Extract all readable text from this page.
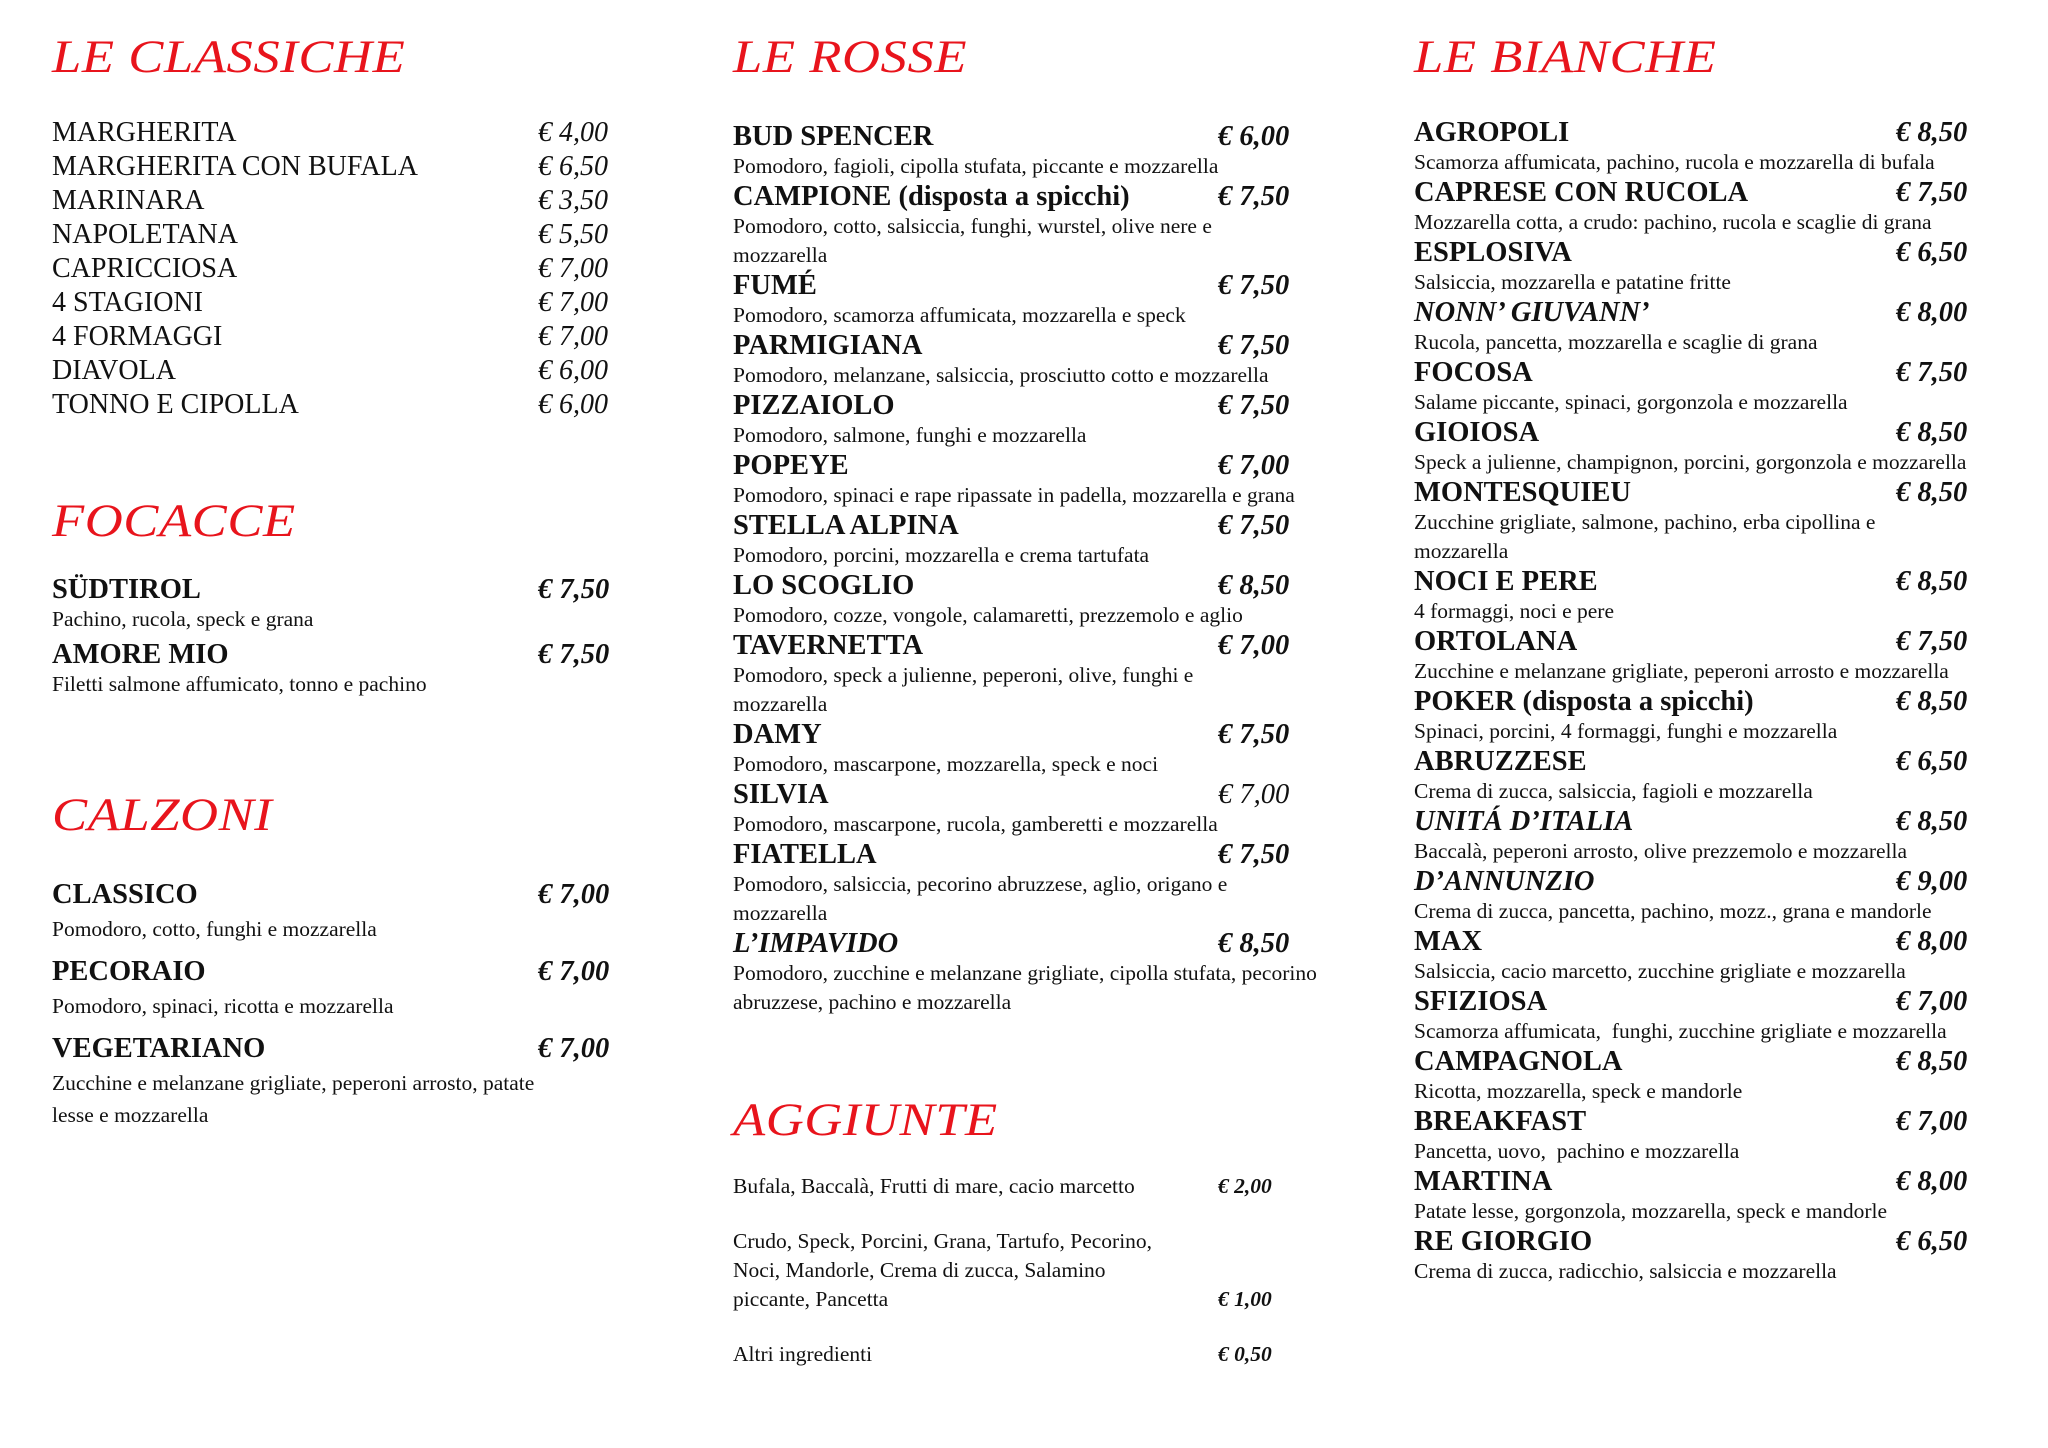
LE CLASSICHE
MARGHERITA	€ 4,00
MARGHERITA CON BUFALA	€ 6,50
MARINARA	€ 3,50
NAPOLETANA	€ 5,50
CAPRICCIOSA	€ 7,00
4 STAGIONI	€ 7,00
4 FORMAGGI	€ 7,00
DIAVOLA	€ 6,00
TONNO E CIPOLLA	€ 6,00
FOCACCE
SÜDTIROL	€ 7,50
Pachino, rucola, speck e grana
AMORE MIO	€ 7,50
Filetti salmone affumicato, tonno e pachino
CALZONI
CLASSICO	€ 7,00
Pomodoro, cotto, funghi e mozzarella
PECORAIO	€ 7,00
Pomodoro, spinaci, ricotta e mozzarella
VEGETARIANO	€ 7,00
Zucchine e melanzane grigliate, peperoni arrosto, patate lesse e mozzarella
LE ROSSE
BUD SPENCER	€ 6,00
Pomodoro, fagioli, cipolla stufata, piccante e mozzarella
CAMPIONE (disposta a spicchi)	€ 7,50
Pomodoro, cotto, salsiccia, funghi, wurstel, olive nere e mozzarella
FUMÉ	€ 7,50
Pomodoro, scamorza affumicata, mozzarella e speck
PARMIGIANA	€ 7,50
Pomodoro, melanzane, salsiccia, prosciutto cotto e mozzarella
PIZZAIOLO	€ 7,50
Pomodoro, salmone, funghi e mozzarella
POPEYE	€ 7,00
Pomodoro, spinaci e rape ripassate in padella, mozzarella e grana
STELLA ALPINA	€ 7,50
Pomodoro, porcini, mozzarella e crema tartufata
LO SCOGLIO	€ 8,50
Pomodoro, cozze, vongole, calamaretti, prezzemolo e aglio
TAVERNETTA	€ 7,00
Pomodoro, speck a julienne, peperoni, olive, funghi e mozzarella
DAMY	€ 7,50
Pomodoro, mascarpone, mozzarella, speck e noci
SILVIA	€ 7,00
Pomodoro, mascarpone, rucola, gamberetti e mozzarella
FIATELLA	€ 7,50
Pomodoro, salsiccia, pecorino abruzzese, aglio, origano e mozzarella
L’IMPAVIDO	€ 8,50
Pomodoro, zucchine e melanzane grigliate, cipolla stufata, pecorino abruzzese, pachino e mozzarella
AGGIUNTE
Bufala, Baccalà, Frutti di mare, cacio marcetto	€ 2,00
Crudo, Speck, Porcini, Grana, Tartufo, Pecorino, Noci, Mandorle, Crema di zucca, Salamino piccante, Pancetta	€ 1,00
Altri ingredienti	€ 0,50
LE BIANCHE
AGROPOLI	€ 8,50
Scamorza affumicata, pachino, rucola e mozzarella di bufala
CAPRESE CON RUCOLA	€ 7,50
Mozzarella cotta, a crudo: pachino, rucola e scaglie di grana
ESPLOSIVA	€ 6,50
Salsiccia, mozzarella e patatine fritte
NONN’ GIUVANN’	€ 8,00
Rucola, pancetta, mozzarella e scaglie di grana
FOCOSA	€ 7,50
Salame piccante, spinaci, gorgonzola e mozzarella
GIOIOSA	€ 8,50
Speck a julienne, champignon, porcini, gorgonzola e mozzarella
MONTESQUIEU	€ 8,50
Zucchine grigliate, salmone, pachino, erba cipollina e mozzarella
NOCI E PERE	€ 8,50
4 formaggi, noci e pere
ORTOLANA	€ 7,50
Zucchine e melanzane grigliate, peperoni arrosto e mozzarella
POKER (disposta a spicchi)	€ 8,50
Spinaci, porcini, 4 formaggi, funghi e mozzarella
ABRUZZESE	€ 6,50
Crema di zucca, salsiccia, fagioli e mozzarella
UNITÁ D’ITALIA	€ 8,50
Baccalà, peperoni arrosto, olive prezzemolo e mozzarella
D’ANNUNZIO	€ 9,00
Crema di zucca, pancetta, pachino, mozz., grana e mandorle
MAX	€ 8,00
Salsiccia, cacio marcetto, zucchine grigliate e mozzarella
SFIZIOSA	€ 7,00
Scamorza affumicata,  funghi, zucchine grigliate e mozzarella
CAMPAGNOLA	€ 8,50
Ricotta, mozzarella, speck e mandorle
BREAKFAST	€ 7,00
Pancetta, uovo,  pachino e mozzarella
MARTINA	€ 8,00
Patate lesse, gorgonzola, mozzarella, speck e mandorle
RE GIORGIO	€ 6,50
Crema di zucca, radicchio, salsiccia e mozzarella
